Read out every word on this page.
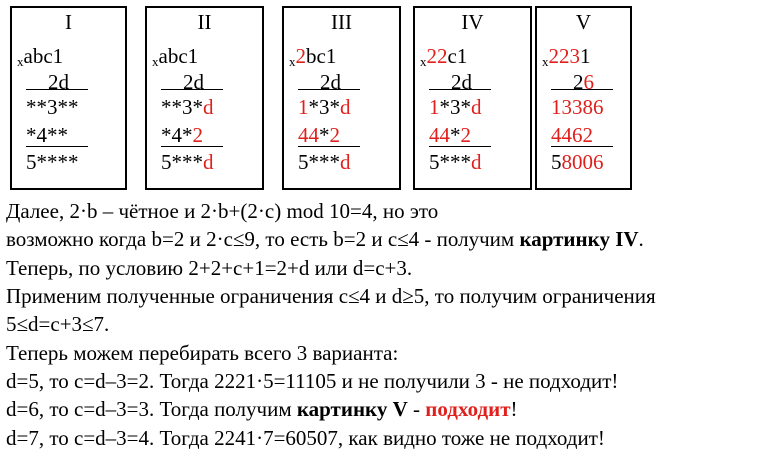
I
xabc1
2d
**3**
*4**
5****
II
xabc1
2d
**3*d
*4*2
5***d
III
x2bc1
2d
1*3*d
44*2
5***d
IV
x22c1
2d
1*3*d
44*2
5***d
V
x2231
26
13386
4462
58006
Далее, 2·b – чётное и 2·b+(2·c) mod 10=4, но это
возможно когда b=2 и 2·c≤9, то есть b=2 и c≤4 - получим картинку IV.
Теперь, по условию 2+2+c+1=2+d или d=c+3.
Применим полученные ограничения c≤4 и d≥5, то получим ограничения
5≤d=c+3≤7.
Теперь можем перебирать всего 3 варианта:
d=5, то c=d–3=2. Тогда 2221·5=11105 и не получили 3 - не подходит!
d=6, то c=d–3=3. Тогда получим картинку V - подходит!
d=7, то c=d–3=4. Тогда 2241·7=60507, как видно тоже не подходит!
